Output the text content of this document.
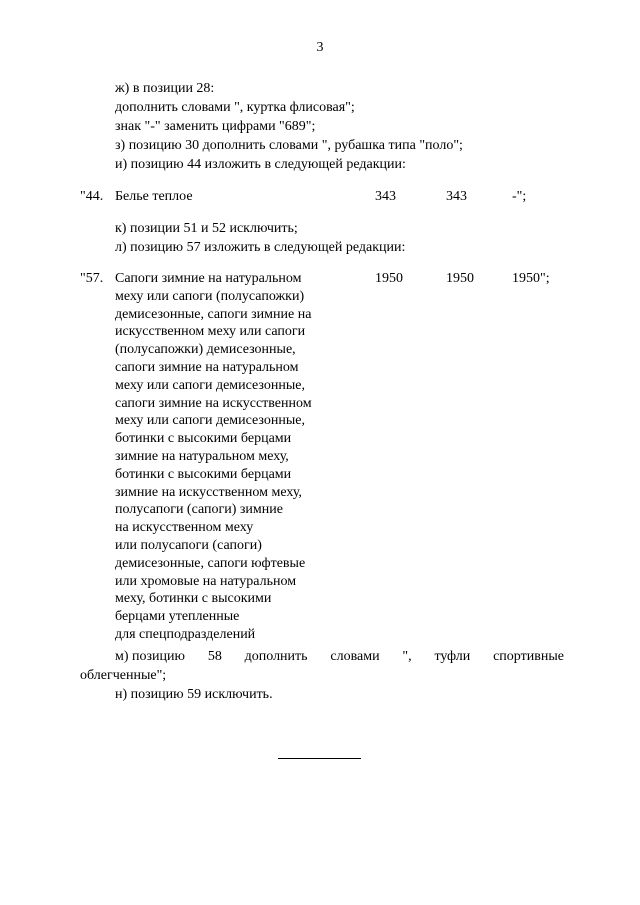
3
ж) в позиции 28:
дополнить словами ", куртка флисовая";
знак "-" заменить цифрами "689";
з) позицию 30 дополнить словами ", рубашка типа "поло";
и) позицию 44 изложить в следующей редакции:
"44. Белье теплое	343	343	-";
к) позиции 51 и 52 исключить;
л) позицию 57 изложить в следующей редакции:
"57. Сапоги зимние на натуральном
меху или сапоги (полусапожки)
демисезонные, сапоги зимние на
искусственном меху или сапоги
(полусапожки) демисезонные,
сапоги зимние на натуральном
меху или сапоги демисезонные,
сапоги зимние на искусственном
меху или сапоги демисезонные,
ботинки с высокими берцами
зимние на натуральном меху,
ботинки с высокими берцами
зимние на искусственном меху,
полусапоги (сапоги) зимние
на искусственном меху
или полусапоги (сапоги)
демисезонные, сапоги юфтевые
или хромовые на натуральном
меху, ботинки с высокими
берцами утепленные
для спецподразделений
1950	1950	1950";
м) позицию 58 дополнить словами ", туфли спортивные
облегченные";
н) позицию 59 исключить.
